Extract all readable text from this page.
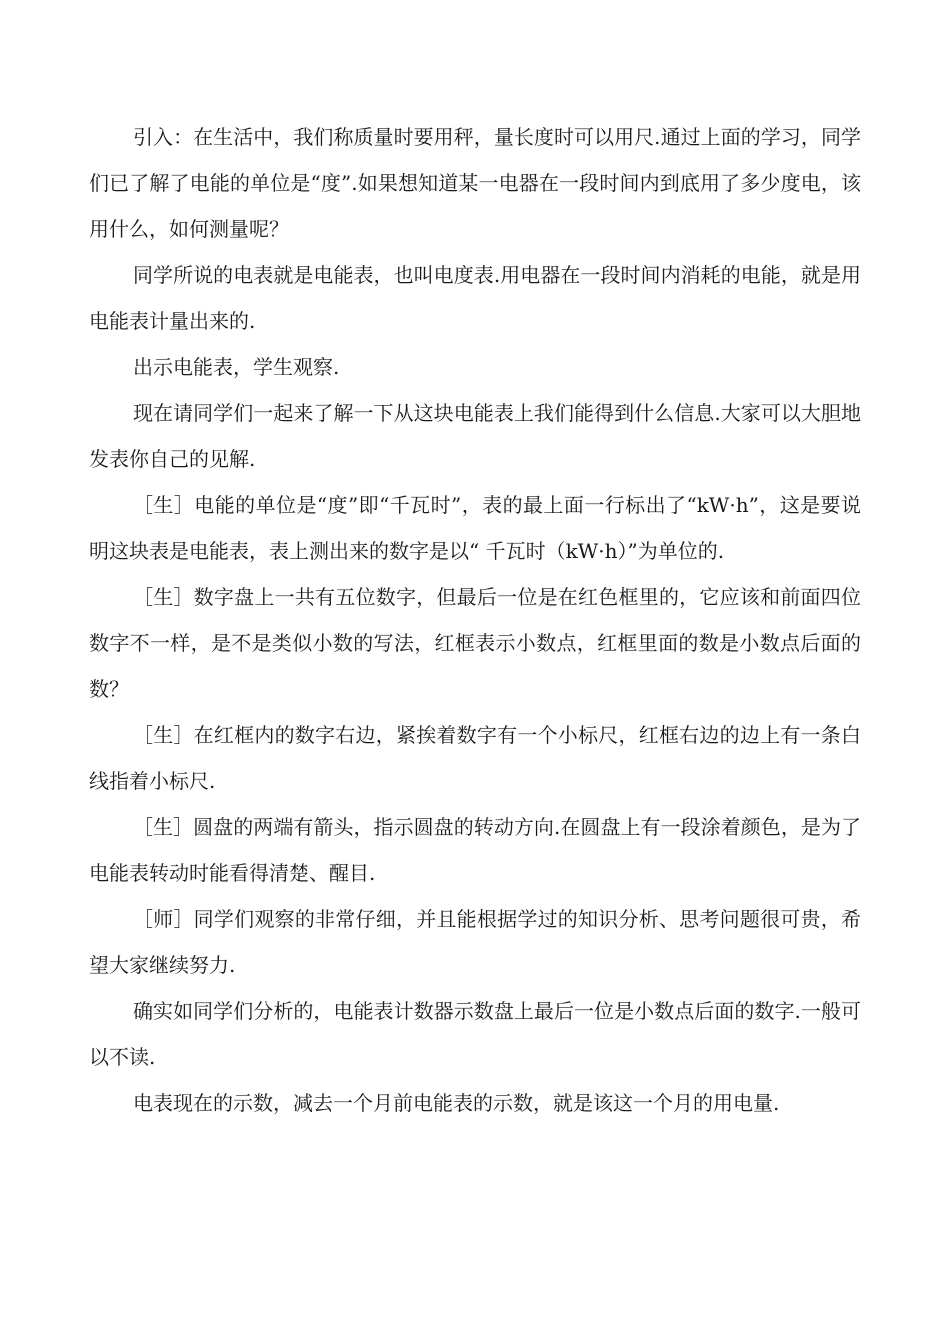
引入：在生活中，我们称质量时要用秤，量长度时可以用尺.通过上面的学习，同学们已了解了电能的单位是“度”.如果想知道某一电器在一段时间内到底用了多少度电，该用什么，如何测量呢？

同学所说的电表就是电能表，也叫电度表.用电器在一段时间内消耗的电能，就是用电能表计量出来的.

出示电能表，学生观察.

现在请同学们一起来了解一下从这块电能表上我们能得到什么信息.大家可以大胆地发表你自己的见解.

［生］电能的单位是“度”即“千瓦时”，表的最上面一行标出了“kW·h”，这是要说明这块表是电能表，表上测出来的数字是以“ 千瓦时（kW·h）”为单位的.

［生］数字盘上一共有五位数字，但最后一位是在红色框里的，它应该和前面四位数字不一样，是不是类似小数的写法，红框表示小数点，红框里面的数是小数点后面的数？

［生］在红框内的数字右边，紧挨着数字有一个小标尺，红框右边的边上有一条白线指着小标尺.

［生］圆盘的两端有箭头，指示圆盘的转动方向.在圆盘上有一段涂着颜色，是为了电能表转动时能看得清楚、醒目.

［师］同学们观察的非常仔细，并且能根据学过的知识分析、思考问题很可贵，希望大家继续努力.

确实如同学们分析的，电能表计数器示数盘上最后一位是小数点后面的数字.一般可以不读.

电表现在的示数，减去一个月前电能表的示数，就是该这一个月的用电量.
